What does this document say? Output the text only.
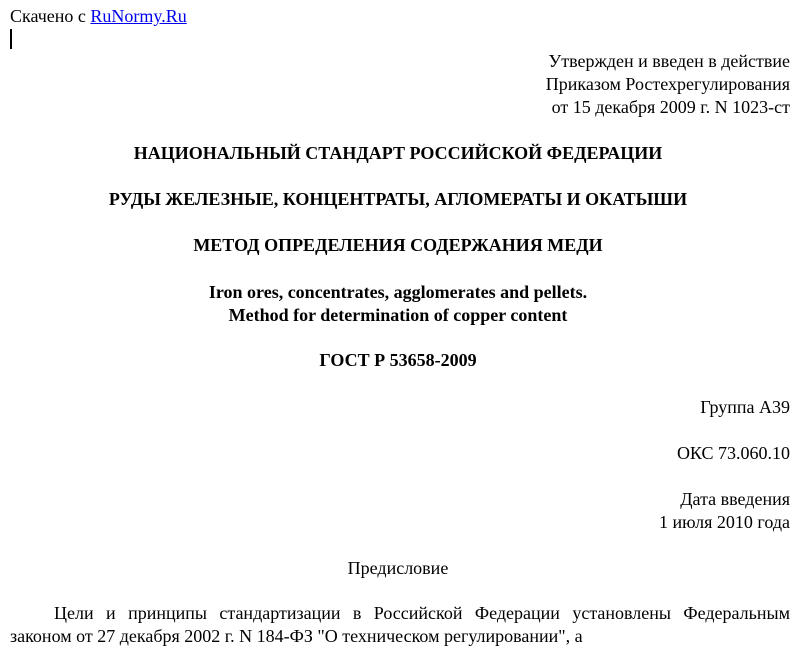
Скачено с RuNormy.Ru
Утвержден и введен в действие
Приказом Ростехрегулирования
от 15 декабря 2009 г. N 1023-ст
НАЦИОНАЛЬНЫЙ СТАНДАРТ РОССИЙСКОЙ ФЕДЕРАЦИИ
РУДЫ ЖЕЛЕЗНЫЕ, КОНЦЕНТРАТЫ, АГЛОМЕРАТЫ И ОКАТЫШИ
МЕТОД ОПРЕДЕЛЕНИЯ СОДЕРЖАНИЯ МЕДИ
Iron ores, concentrates, agglomerates and pellets.
Method for determination of copper content
ГОСТ Р 53658-2009
Группа А39
ОКС 73.060.10
Дата введения
1 июля 2010 года
Предисловие
Цели и принципы стандартизации в Российской Федерации установлены Федеральным законом от 27 декабря 2002 г. N 184-ФЗ "О техническом регулировании", а
